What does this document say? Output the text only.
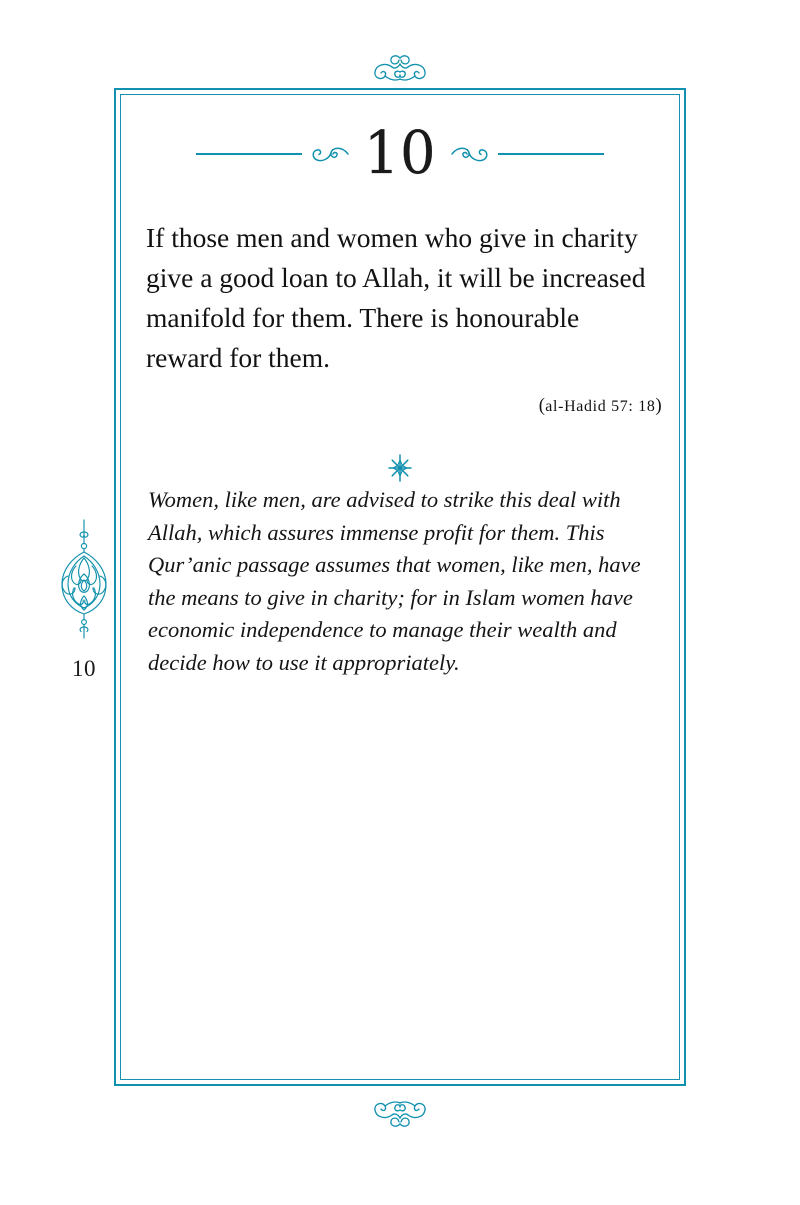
10

If those men and women who give in charity give a good loan to Allah, it will be increased manifold for them. There is honourable reward for them.

(al-Hadid 57: 18)

Women, like men, are advised to strike this deal with Allah, which assures immense profit for them. This Qur’anic passage assumes that women, like men, have the means to give in charity; for in Islam women have economic independence to manage their wealth and decide how to use it appropriately.

10
